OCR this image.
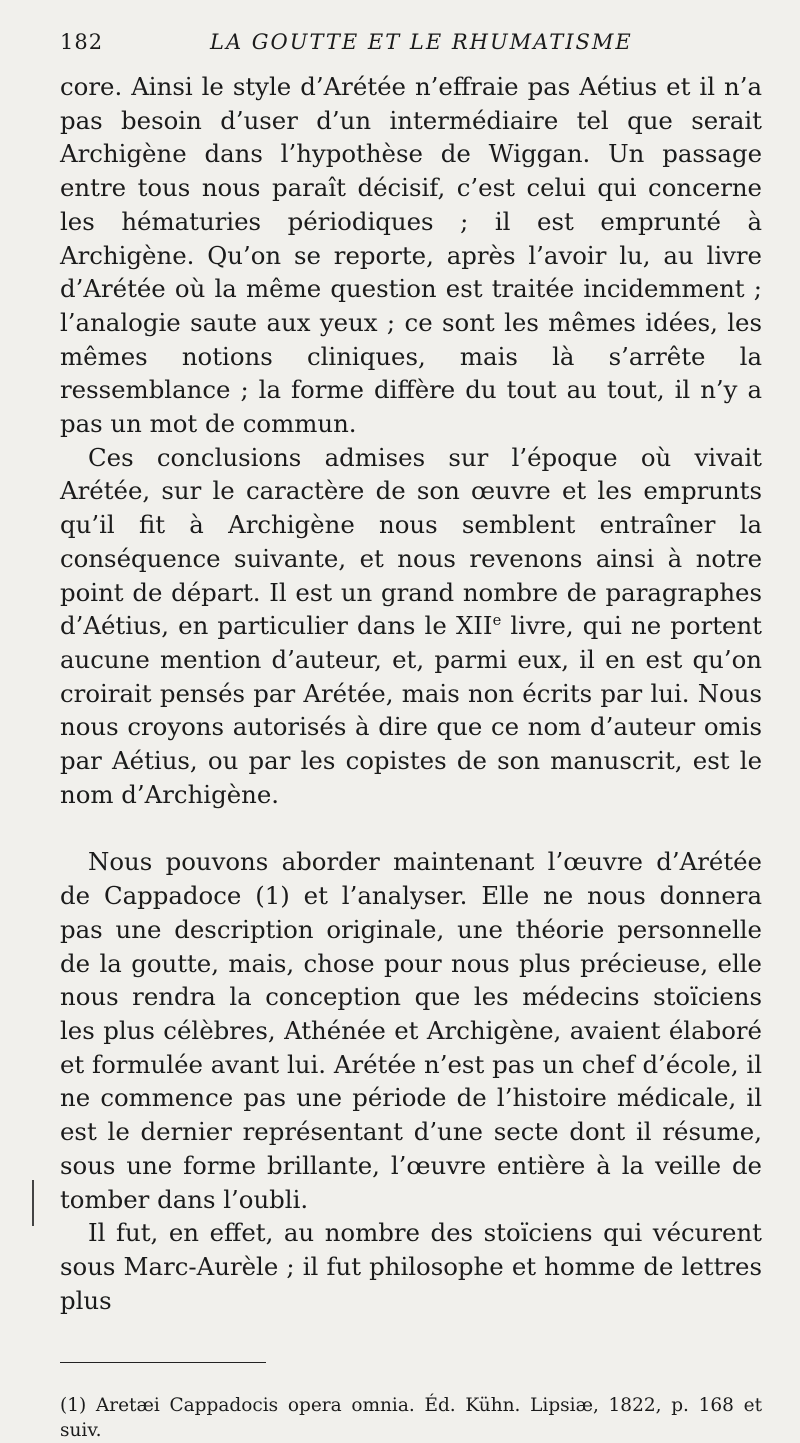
182	LA GOUTTE ET LE RHUMATISME

core. Ainsi le style d’Arétée n’effraie pas Aétius et il n’a pas besoin d’user d’un intermédiaire tel que serait Archigène dans l’hypothèse de Wiggan. Un passage entre tous nous paraît décisif, c’est celui qui concerne les hématuries périodiques ; il est emprunté à Archigène. Qu’on se reporte, après l’avoir lu, au livre d’Arétée où la même question est traitée incidemment ; l’analogie saute aux yeux ; ce sont les mêmes idées, les mêmes notions cliniques, mais là s’arrête la ressemblance ; la forme diffère du tout au tout, il n’y a pas un mot de commun.

Ces conclusions admises sur l’époque où vivait Arétée, sur le caractère de son œuvre et les emprunts qu’il fit à Archigène nous semblent entraîner la conséquence suivante, et nous revenons ainsi à notre point de départ. Il est un grand nombre de paragraphes d’Aétius, en particulier dans le XIIe livre, qui ne portent aucune mention d’auteur, et, parmi eux, il en est qu’on croirait pensés par Arétée, mais non écrits par lui. Nous nous croyons autorisés à dire que ce nom d’auteur omis par Aétius, ou par les copistes de son manuscrit, est le nom d’Archigène.

Nous pouvons aborder maintenant l’œuvre d’Arétée de Cappadoce (1) et l’analyser. Elle ne nous donnera pas une description originale, une théorie personnelle de la goutte, mais, chose pour nous plus précieuse, elle nous rendra la conception que les médecins stoïciens les plus célèbres, Athénée et Archigène, avaient élaboré et formulée avant lui. Arétée n’est pas un chef d’école, il ne commence pas une période de l’histoire médicale, il est le dernier représentant d’une secte dont il résume, sous une forme brillante, l’œuvre entière à la veille de tomber dans l’oubli.

Il fut, en effet, au nombre des stoïciens qui vécurent sous Marc-Aurèle ; il fut philosophe et homme de lettres plus

(1) Aretæi Cappadocis opera omnia. Éd. Kühn. Lipsiæ, 1822, p. 168 et suiv.
